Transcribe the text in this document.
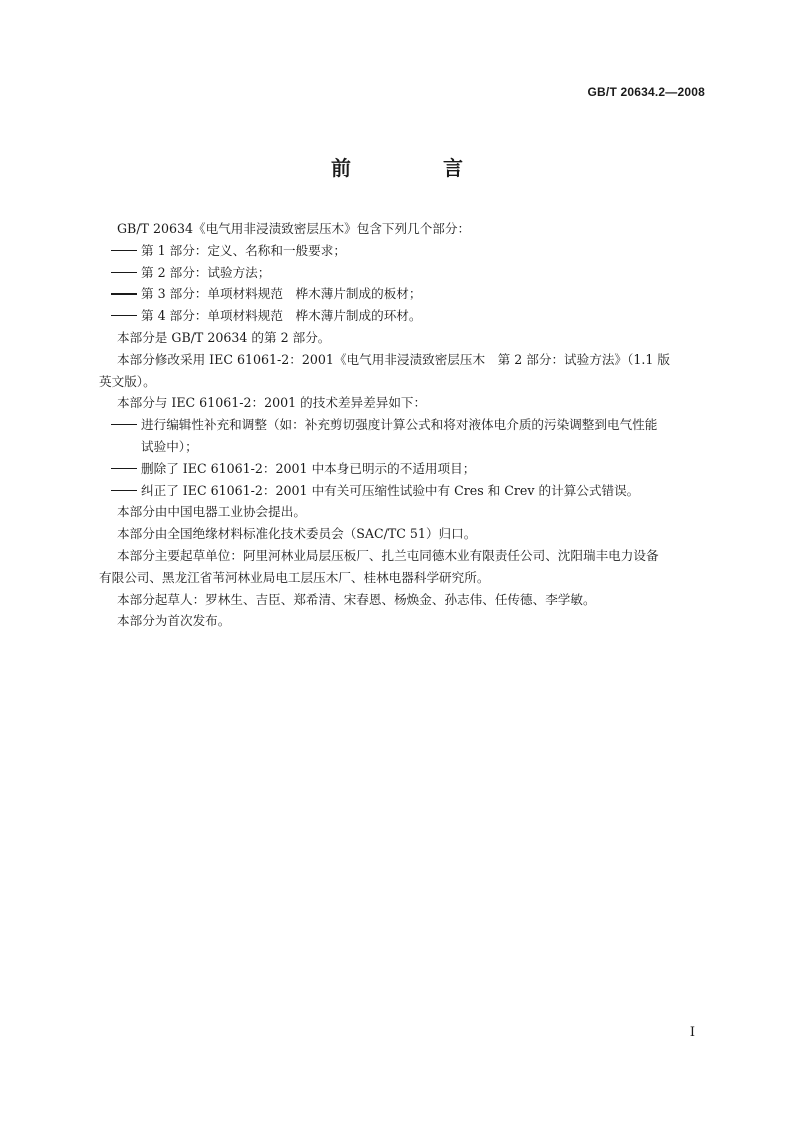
GB/T 20634.2—2008
前　言

GB/T 20634《电气用非浸渍致密层压木》包含下列几个部分：

第 1 部分：定义、名称和一般要求；
第 2 部分：试验方法；
第 3 部分：单项材料规范　桦木薄片制成的板材；
第 4 部分：单项材料规范　桦木薄片制成的环材。

本部分是 GB/T 20634 的第 2 部分。

本部分修改采用 IEC 61061-2：2001《电气用非浸渍致密层压木　第 2 部分：试验方法》（1.1 版

英文版）。

本部分与 IEC 61061-2：2001 的技术差异差异如下：

进行编辑性补充和调整（如：补充剪切强度计算公式和将对液体电介质的污染调整到电气性能
试验中）；
删除了 IEC 61061-2：2001 中本身已明示的不适用项目；
纠正了 IEC 61061-2：2001 中有关可压缩性试验中有 Cres 和 Crev 的计算公式错误。

本部分由中国电器工业协会提出。

本部分由全国绝缘材料标准化技术委员会（SAC/TC 51）归口。

本部分主要起草单位：阿里河林业局层压板厂、扎兰屯同德木业有限责任公司、沈阳瑞丰电力设备

有限公司、黑龙江省苇河林业局电工层压木厂、桂林电器科学研究所。

本部分起草人：罗林生、吉臣、郑希清、宋春恩、杨焕金、孙志伟、任传德、李学敏。

本部分为首次发布。

I
